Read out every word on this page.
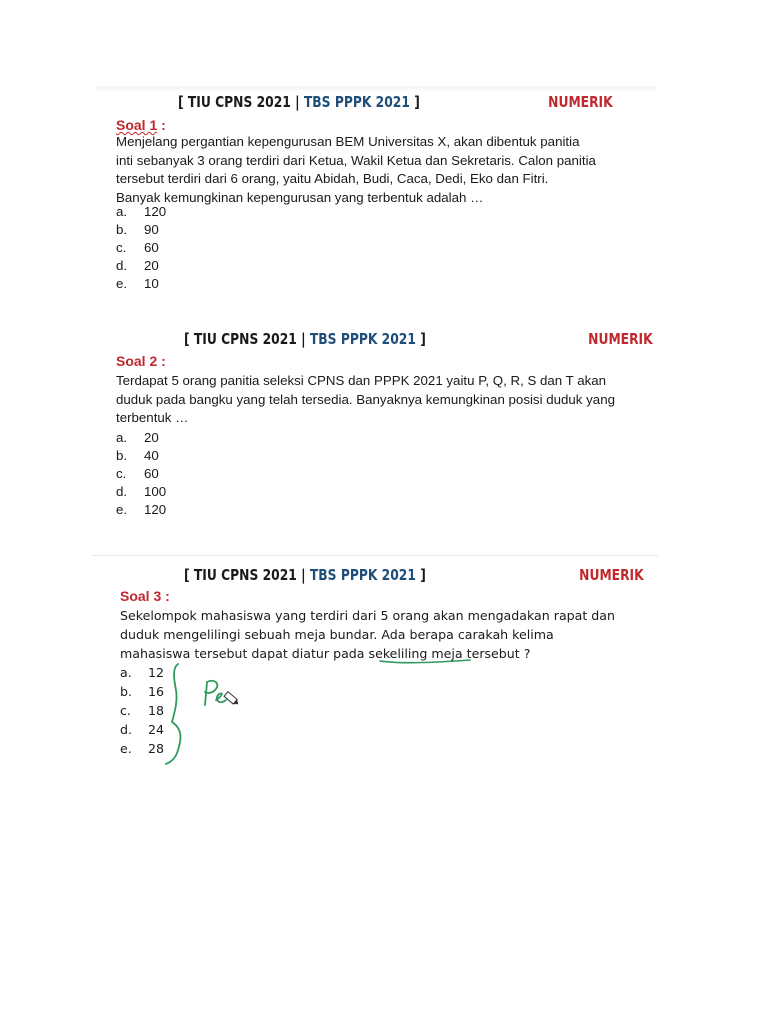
[ TIU CPNS 2021 | TBS PPPK 2021 ]	NUMERIK
Soal 1 :
Menjelang pergantian kepengurusan BEM Universitas X, akan dibentuk panitia inti sebanyak 3 orang terdiri dari Ketua, Wakil Ketua dan Sekretaris. Calon panitia tersebut terdiri dari 6 orang, yaitu Abidah, Budi, Caca, Dedi, Eko dan Fitri. Banyak kemungkinan kepengurusan yang terbentuk adalah …
a.	120
b.	90
c.	60
d.	20
e.	10
[ TIU CPNS 2021 | TBS PPPK 2021 ]	NUMERIK
Soal 2 :
Terdapat 5 orang panitia seleksi CPNS dan PPPK 2021 yaitu P, Q, R, S dan T akan duduk pada bangku yang telah tersedia. Banyaknya kemungkinan posisi duduk yang terbentuk …
a.	20
b.	40
c.	60
d.	100
e.	120
[ TIU CPNS 2021 | TBS PPPK 2021 ]	NUMERIK
Soal 3 :
Sekelompok mahasiswa yang terdiri dari 5 orang akan mengadakan rapat dan duduk mengelilingi sebuah meja bundar. Ada berapa carakah kelima mahasiswa tersebut dapat diatur pada sekeliling meja tersebut ?
a.	12
b.	16
c.	18
d.	24
e.	28
